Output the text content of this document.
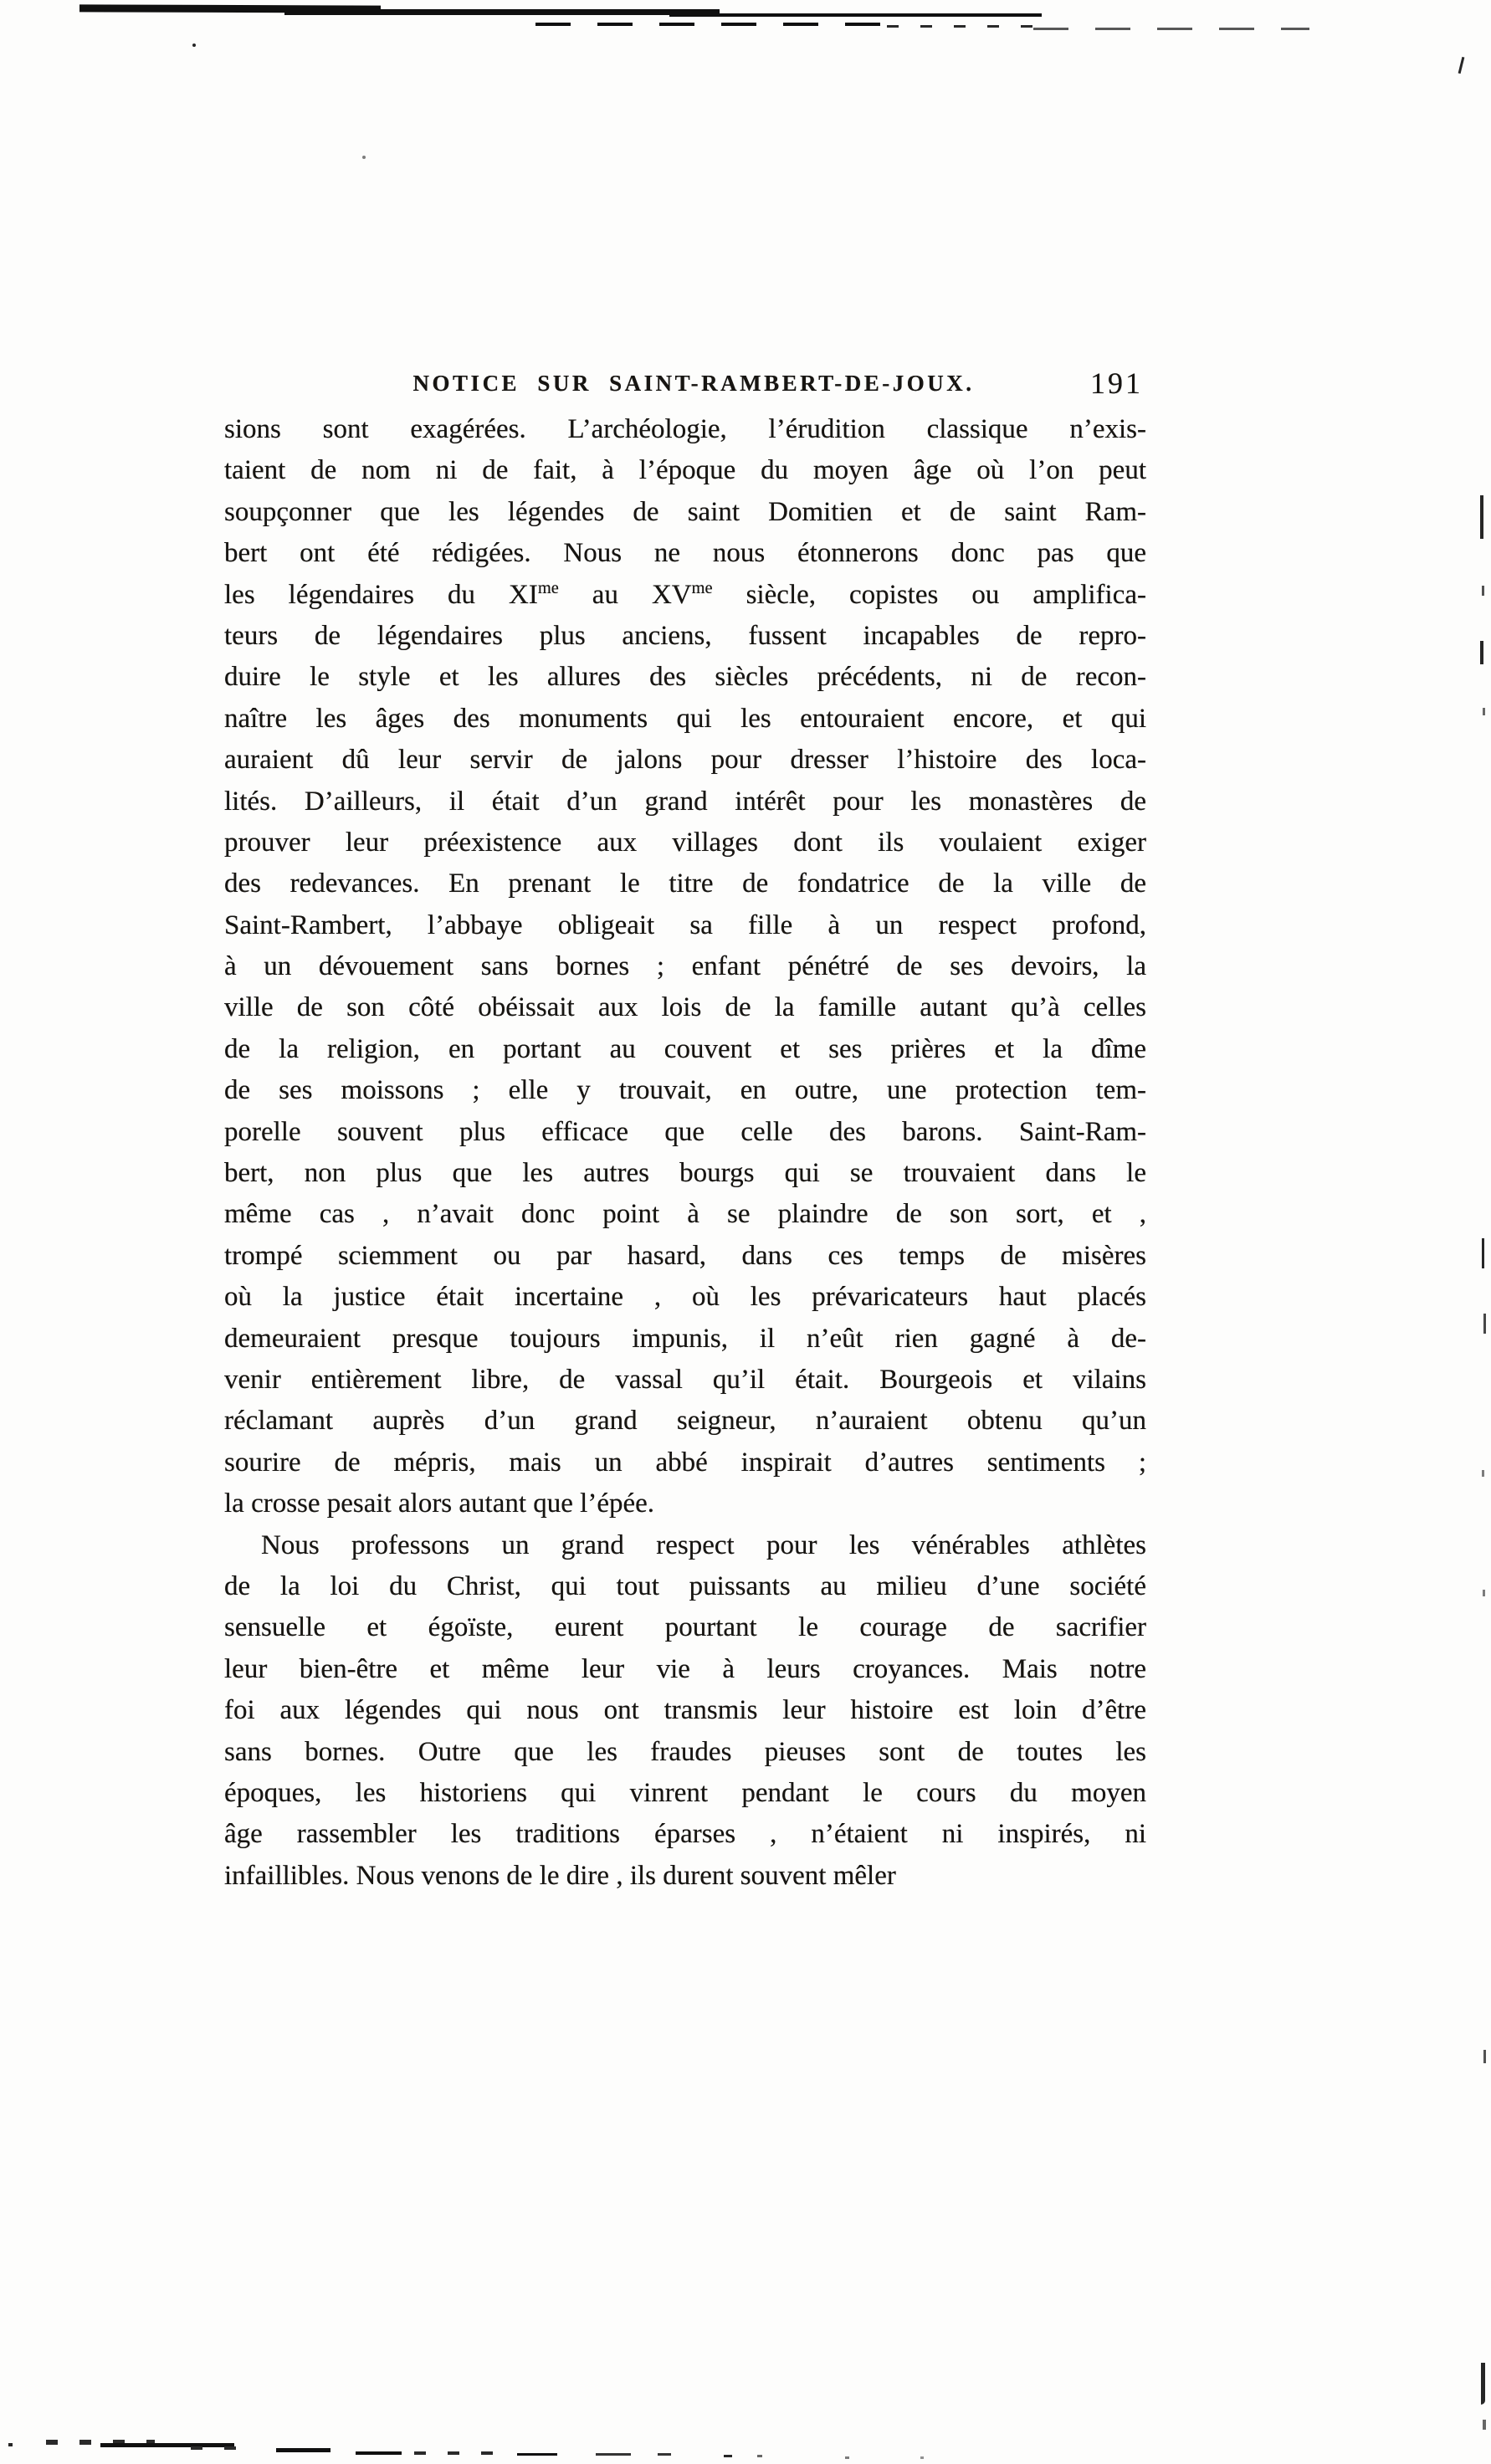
NOTICE SUR SAINT-RAMBERT-DE-JOUX.	191
sions sont exagérées. L’archéologie, l’érudition classique n’exis-
taient de nom ni de fait, à l’époque du moyen âge où l’on peut
soupçonner que les légendes de saint Domitien et de saint Ram-
bert ont été rédigées. Nous ne nous étonnerons donc pas que
les légendaires du $XI^{me}$ au $XV^{me}$ siècle, copistes ou amplifica-
teurs de légendaires plus anciens, fussent incapables de repro-
duire le style et les allures des siècles précédents, ni de recon-
naître les âges des monuments qui les entouraient encore, et qui
auraient dû leur servir de jalons pour dresser l’histoire des loca-
lités. D’ailleurs, il était d’un grand intérêt pour les monastères de
prouver leur préexistence aux villages dont ils voulaient exiger
des redevances. En prenant le titre de fondatrice de la ville de
Saint-Rambert, l’abbaye obligeait sa fille à un respect profond,
à un dévouement sans bornes ; enfant pénétré de ses devoirs, la
ville de son côté obéissait aux lois de la famille autant qu’à celles
de la religion, en portant au couvent et ses prières et la dîme
de ses moissons ; elle y trouvait, en outre, une protection tem-
porelle souvent plus efficace que celle des barons. Saint-Ram-
bert, non plus que les autres bourgs qui se trouvaient dans le
même cas , n’avait donc point à se plaindre de son sort, et ,
trompé sciemment ou par hasard, dans ces temps de misères
où la justice était incertaine , où les prévaricateurs haut placés
demeuraient presque toujours impunis, il n’eût rien gagné à de-
venir entièrement libre, de vassal qu’il était. Bourgeois et vilains
réclamant auprès d’un grand seigneur, n’auraient obtenu qu’un
sourire de mépris, mais un abbé inspirait d’autres sentiments ;
la crosse pesait alors autant que l’épée.
Nous professons un grand respect pour les vénérables athlètes
de la loi du Christ, qui tout puissants au milieu d’une société
sensuelle et égoïste, eurent pourtant le courage de sacrifier
leur bien-être et même leur vie à leurs croyances. Mais notre
foi aux légendes qui nous ont transmis leur histoire est loin d’être
sans bornes. Outre que les fraudes pieuses sont de toutes les
époques, les historiens qui vinrent pendant le cours du moyen
âge rassembler les traditions éparses , n’étaient ni inspirés, ni
infaillibles. Nous venons de le dire , ils durent souvent mêler
